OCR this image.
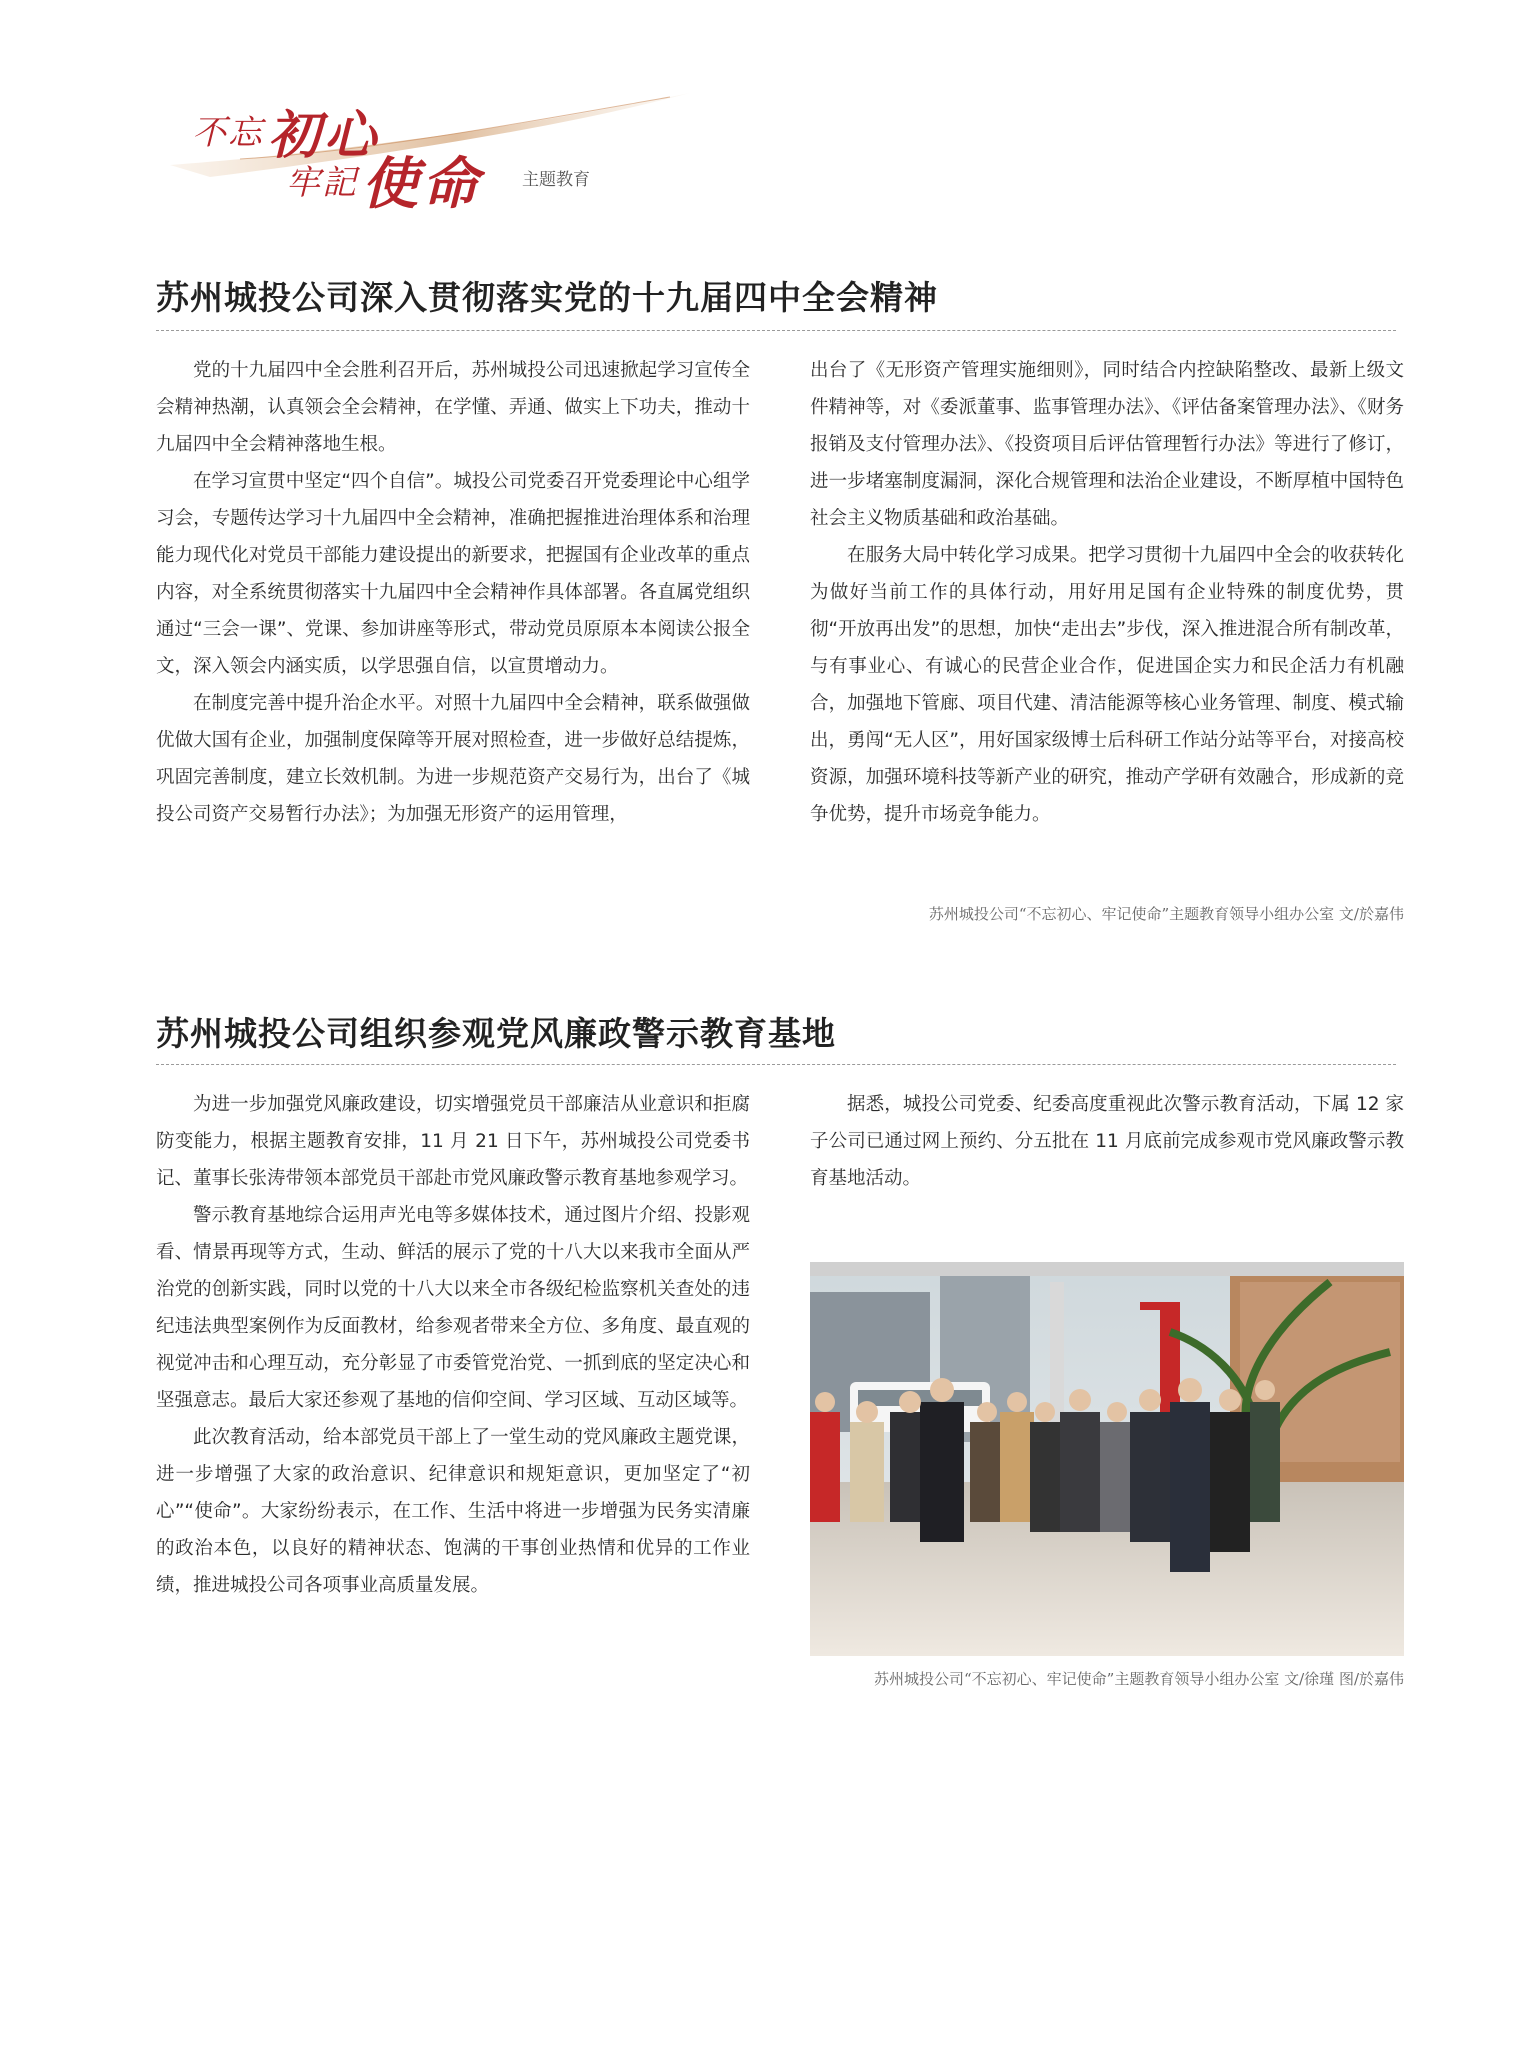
不忘 初心
牢記 使命 主题教育
苏州城投公司深入贯彻落实党的十九届四中全会精神

党的十九届四中全会胜利召开后，苏州城投公司迅速掀起学习宣传全会精神热潮，认真领会全会精神，在学懂、弄通、做实上下功夫，推动十九届四中全会精神落地生根。

在学习宣贯中坚定“四个自信”。城投公司党委召开党委理论中心组学习会，专题传达学习十九届四中全会精神，准确把握推进治理体系和治理能力现代化对党员干部能力建设提出的新要求，把握国有企业改革的重点内容，对全系统贯彻落实十九届四中全会精神作具体部署。各直属党组织通过“三会一课”、党课、参加讲座等形式，带动党员原原本本阅读公报全文，深入领会内涵实质，以学思强自信，以宣贯增动力。

在制度完善中提升治企水平。对照十九届四中全会精神，联系做强做优做大国有企业，加强制度保障等开展对照检查，进一步做好总结提炼，巩固完善制度，建立长效机制。为进一步规范资产交易行为，出台了《城投公司资产交易暂行办法》；为加强无形资产的运用管理，

出台了《无形资产管理实施细则》，同时结合内控缺陷整改、最新上级文件精神等，对《委派董事、监事管理办法》、《评估备案管理办法》、《财务报销及支付管理办法》、《投资项目后评估管理暂行办法》等进行了修订，进一步堵塞制度漏洞，深化合规管理和法治企业建设，不断厚植中国特色社会主义物质基础和政治基础。

在服务大局中转化学习成果。把学习贯彻十九届四中全会的收获转化为做好当前工作的具体行动，用好用足国有企业特殊的制度优势，贯彻“开放再出发”的思想，加快“走出去”步伐，深入推进混合所有制改革，与有事业心、有诚心的民营企业合作，促进国企实力和民企活力有机融合，加强地下管廊、项目代建、清洁能源等核心业务管理、制度、模式输出，勇闯“无人区”，用好国家级博士后科研工作站分站等平台，对接高校资源，加强环境科技等新产业的研究，推动产学研有效融合，形成新的竞争优势，提升市场竞争能力。

苏州城投公司“不忘初心、牢记使命”主题教育领导小组办公室 文/於嘉伟
苏州城投公司组织参观党风廉政警示教育基地

为进一步加强党风廉政建设，切实增强党员干部廉洁从业意识和拒腐防变能力，根据主题教育安排，11 月 21 日下午，苏州城投公司党委书记、董事长张涛带领本部党员干部赴市党风廉政警示教育基地参观学习。

警示教育基地综合运用声光电等多媒体技术，通过图片介绍、投影观看、情景再现等方式，生动、鲜活的展示了党的十八大以来我市全面从严治党的创新实践，同时以党的十八大以来全市各级纪检监察机关查处的违纪违法典型案例作为反面教材，给参观者带来全方位、多角度、最直观的视觉冲击和心理互动，充分彰显了市委管党治党、一抓到底的坚定决心和坚强意志。最后大家还参观了基地的信仰空间、学习区域、互动区域等。

此次教育活动，给本部党员干部上了一堂生动的党风廉政主题党课，进一步增强了大家的政治意识、纪律意识和规矩意识，更加坚定了“初心”“使命”。大家纷纷表示，在工作、生活中将进一步增强为民务实清廉的政治本色，以良好的精神状态、饱满的干事创业热情和优异的工作业绩，推进城投公司各项事业高质量发展。

据悉，城投公司党委、纪委高度重视此次警示教育活动，下属 12 家子公司已通过网上预约、分五批在 11 月底前完成参观市党风廉政警示教育基地活动。

苏州城投公司“不忘初心、牢记使命”主题教育领导小组办公室 文/徐瑾 图/於嘉伟
